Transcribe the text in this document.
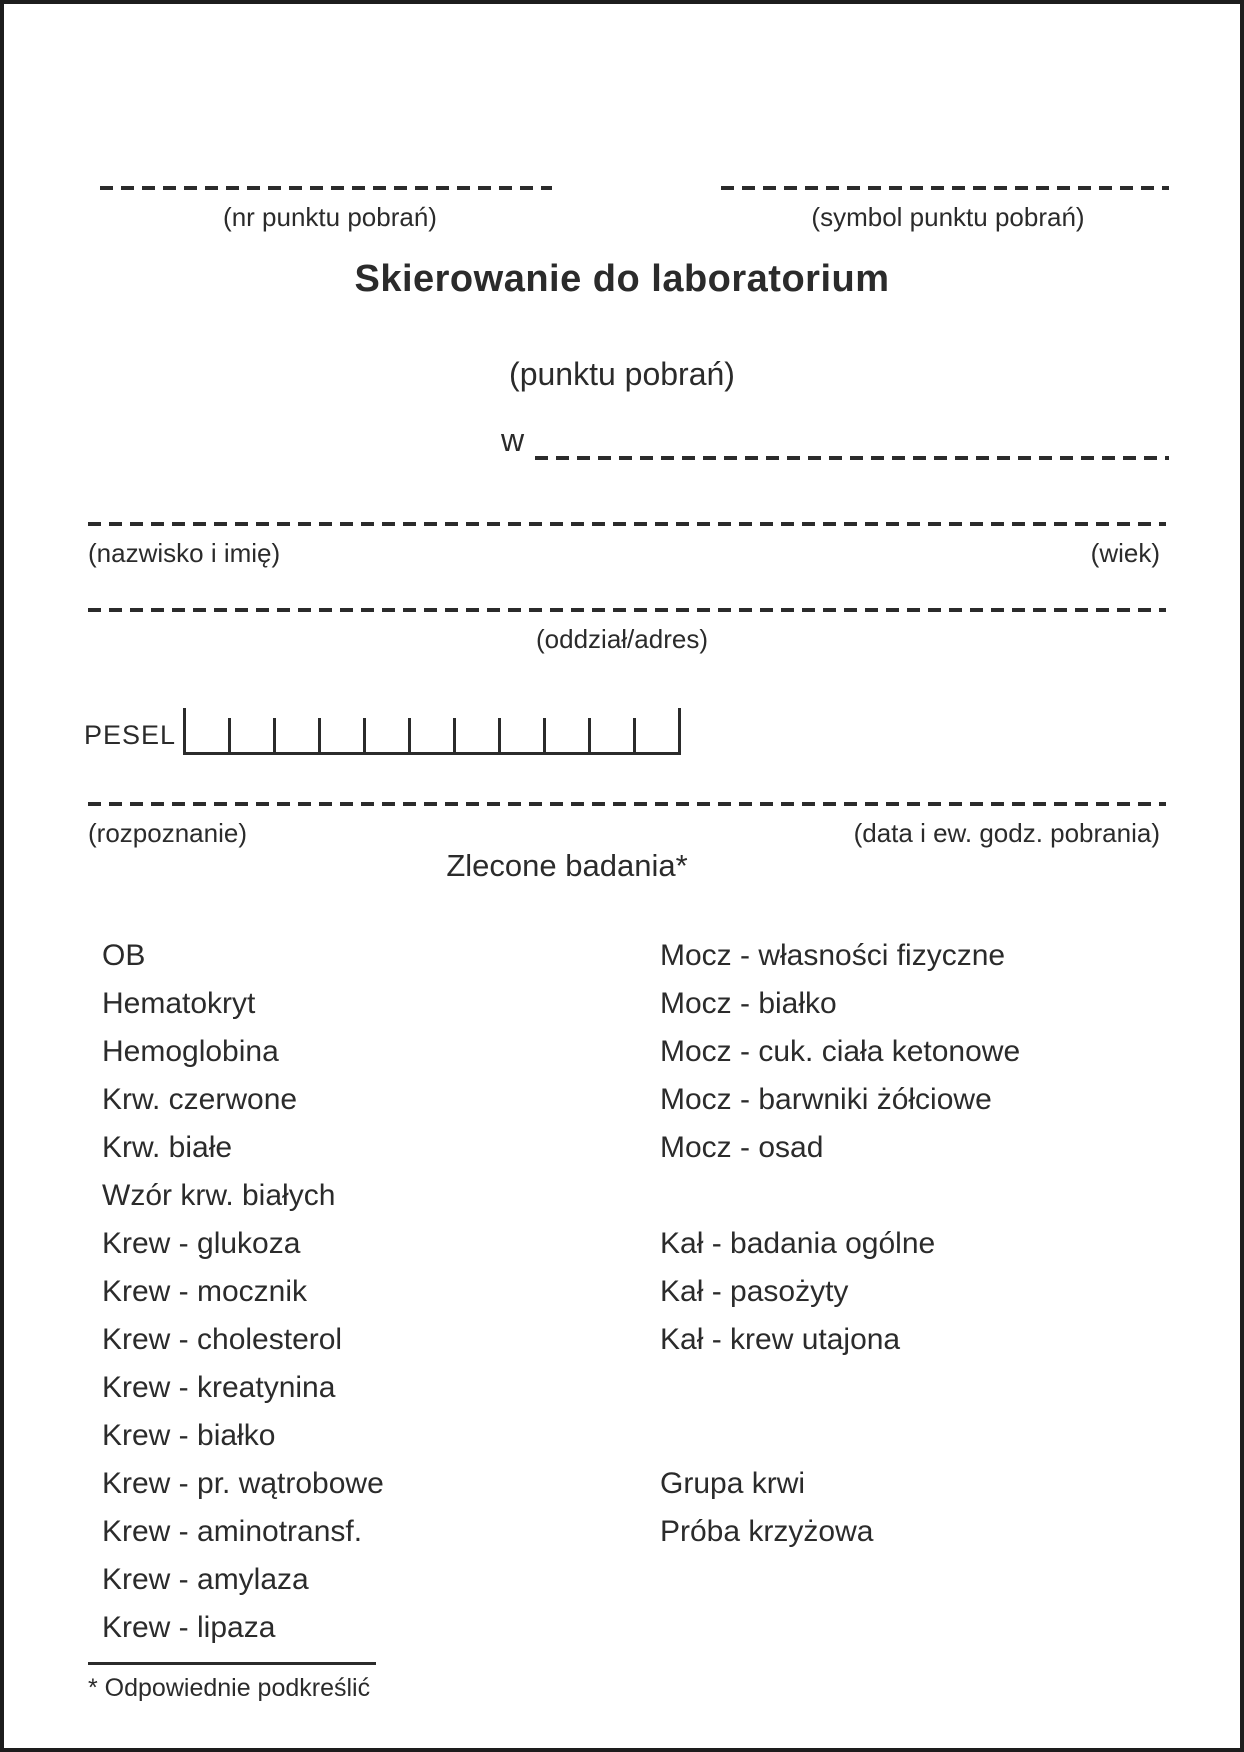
(nr punktu pobrań)	(symbol punktu pobrań)
Skierowanie do laboratorium
(punktu pobrań)
w
(nazwisko i imię)	(wiek)
(oddział/adres)
PESEL
(rozpoznanie)	(data i ew. godz. pobrania)
Zlecone badania*
OB
Hematokryt
Hemoglobina
Krw. czerwone
Krw. białe
Wzór krw. białych
Krew - glukoza
Krew - mocznik
Krew - cholesterol
Krew - kreatynina
Krew - białko
Krew - pr. wątrobowe
Krew - aminotransf.
Krew - amylaza
Krew - lipaza
Mocz - własności fizyczne
Mocz - białko
Mocz - cuk. ciała ketonowe
Mocz - barwniki żółciowe
Mocz - osad
Kał - badania ogólne
Kał - pasożyty
Kał - krew utajona
Grupa krwi
Próba krzyżowa
* Odpowiednie podkreślić
